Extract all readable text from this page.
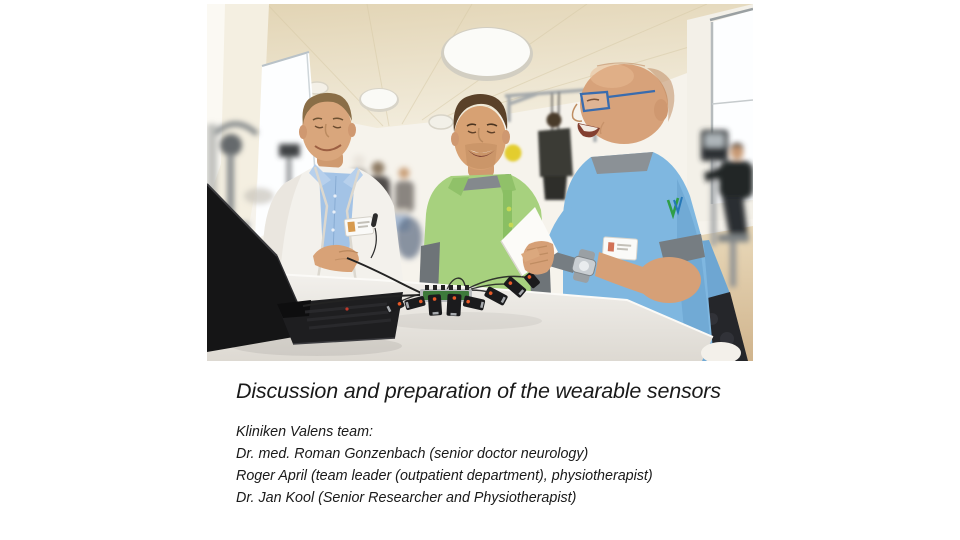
Discussion and preparation of the wearable sensors

Kliniken Valens team:

Dr. med. Roman Gonzenbach (senior doctor neurology)

Roger April (team leader (outpatient department), physiotherapist)

Dr. Jan Kool (Senior Researcher and Physiotherapist)
